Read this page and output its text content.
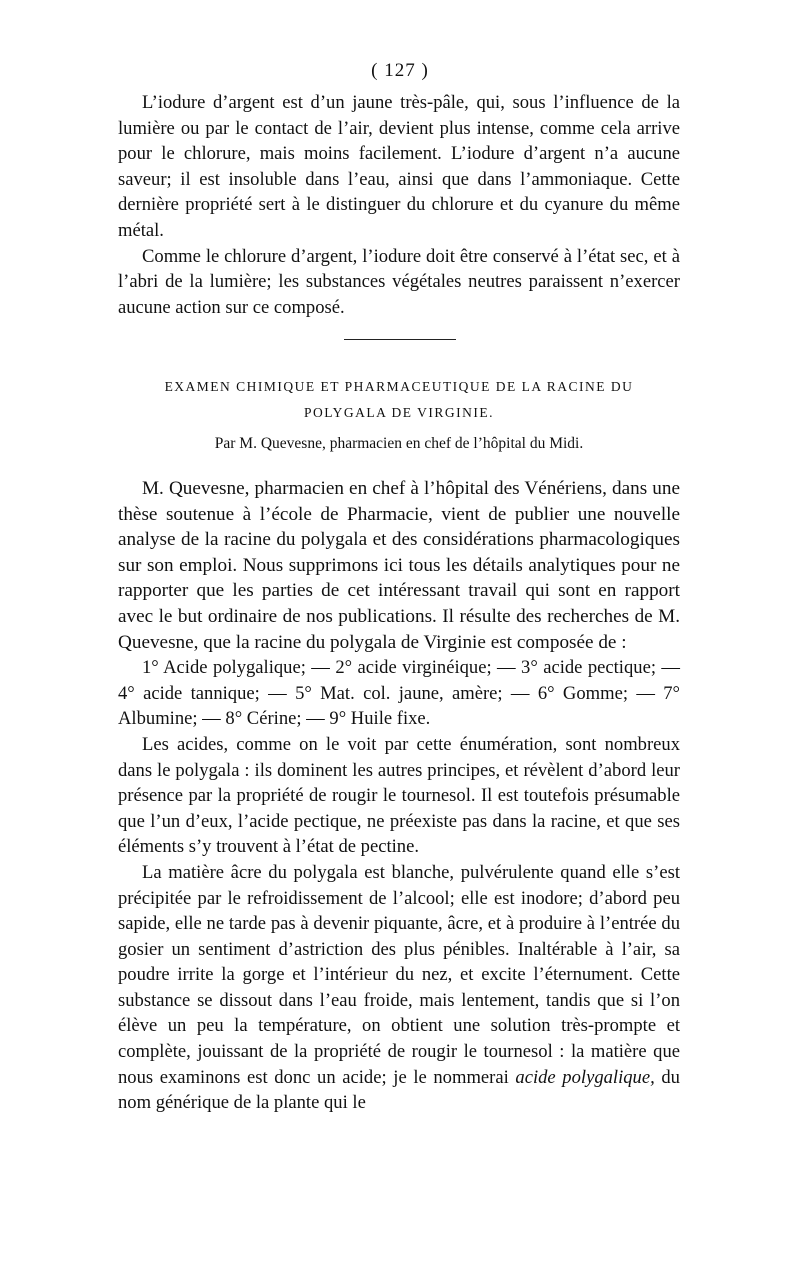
( 127 )

L’iodure d’argent est d’un jaune très-pâle, qui, sous l’influence de la lumière ou par le contact de l’air, devient plus intense, comme cela arrive pour le chlorure, mais moins facilement. L’iodure d’argent n’a aucune saveur; il est insoluble dans l’eau, ainsi que dans l’ammoniaque. Cette dernière propriété sert à le distinguer du chlorure et du cyanure du même métal.

Comme le chlorure d’argent, l’iodure doit être conservé à l’état sec, et à l’abri de la lumière; les substances végétales neutres paraissent n’exercer aucune action sur ce composé.

EXAMEN CHIMIQUE ET PHARMACEUTIQUE DE LA RACINE DU
POLYGALA DE VIRGINIE.
Par M. Quevesne, pharmacien en chef de l’hôpital du Midi.

M. Quevesne, pharmacien en chef à l’hôpital des Vénériens, dans une thèse soutenue à l’école de Pharmacie, vient de publier une nouvelle analyse de la racine du polygala et des considérations pharmacologiques sur son emploi. Nous supprimons ici tous les détails analytiques pour ne rapporter que les parties de cet intéressant travail qui sont en rapport avec le but ordinaire de nos publications. Il résulte des recherches de M. Quevesne, que la racine du polygala de Virginie est composée de :

1° Acide polygalique; — 2° acide virginéique; — 3° acide pectique; — 4° acide tannique; — 5° Mat. col. jaune, amère; — 6° Gomme; — 7° Albumine; — 8° Cérine; — 9° Huile fixe.

Les acides, comme on le voit par cette énumération, sont nombreux dans le polygala : ils dominent les autres principes, et révèlent d’abord leur présence par la propriété de rougir le tournesol. Il est toutefois présumable que l’un d’eux, l’acide pectique, ne préexiste pas dans la racine, et que ses éléments s’y trouvent à l’état de pectine.

La matière âcre du polygala est blanche, pulvérulente quand elle s’est précipitée par le refroidissement de l’alcool; elle est inodore; d’abord peu sapide, elle ne tarde pas à devenir piquante, âcre, et à produire à l’entrée du gosier un sentiment d’astriction des plus pénibles. Inaltérable à l’air, sa poudre irrite la gorge et l’intérieur du nez, et excite l’éternument. Cette substance se dissout dans l’eau froide, mais lentement, tandis que si l’on élève un peu la température, on obtient une solution très-prompte et complète, jouissant de la propriété de rougir le tournesol : la matière que nous examinons est donc un acide; je le nommerai acide polygalique, du nom générique de la plante qui le
